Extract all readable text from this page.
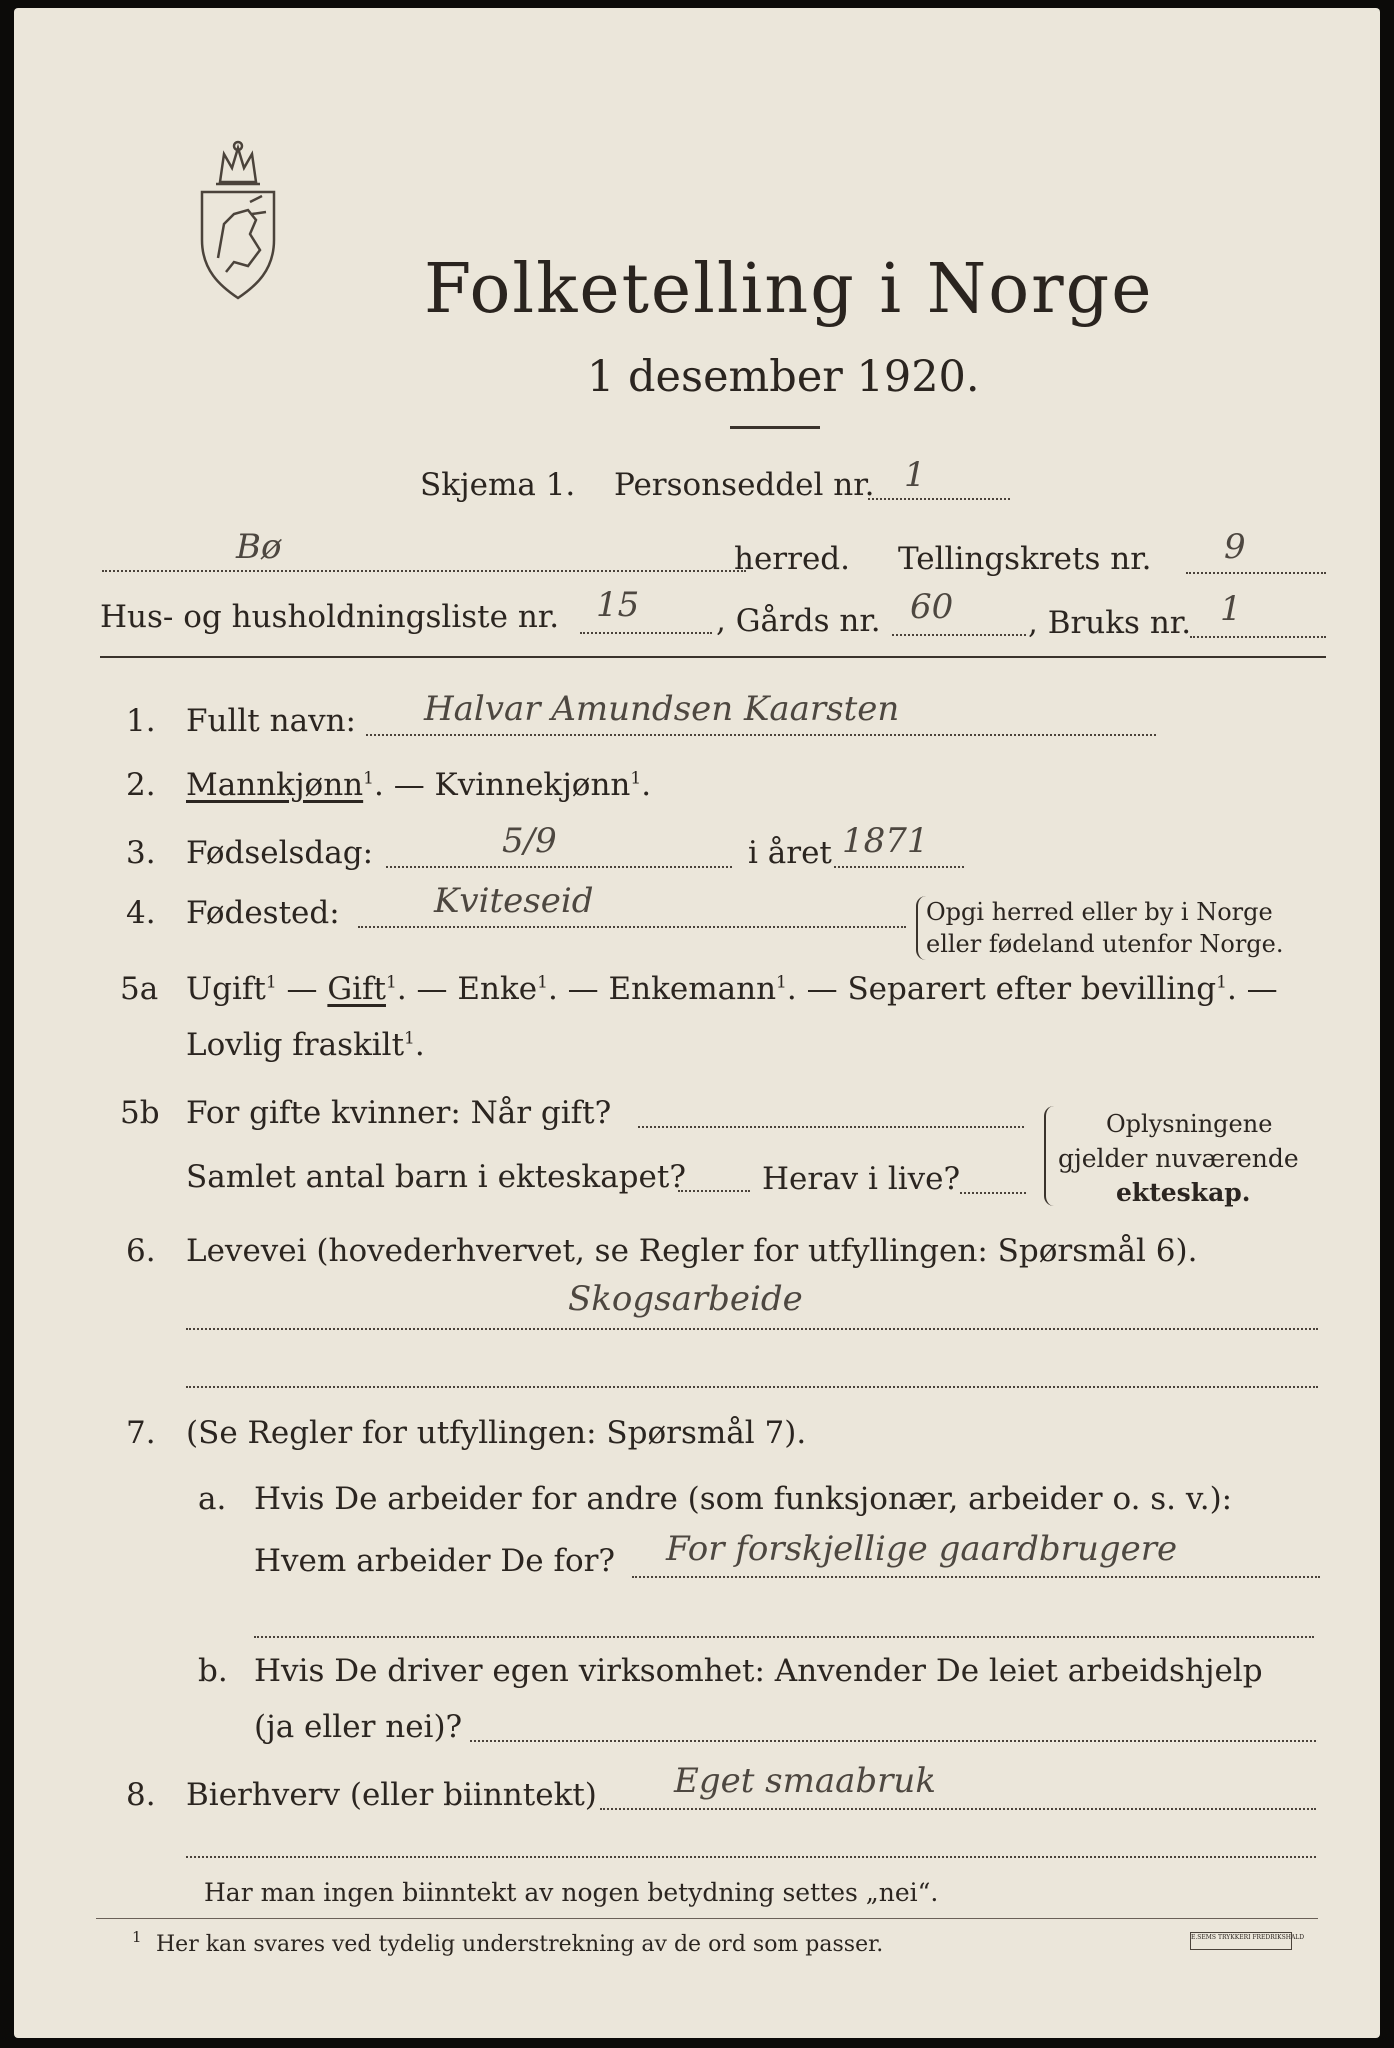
Folketelling i Norge
1 desember 1920.
Skjema 1. Personseddel nr. 1
Bø	herred. Tellingskrets nr. 9
Hus- og husholdningsliste nr. 15 , Gårds nr. 60 , Bruks nr. 1
1. Fullt navn: Halvar Amundsen Kaarsten
2. Mannkjønn$^1$. — Kvinnekjønn$^1$.
3. Fødselsdag:	5/9	i året 1871
4. Fødested:	Kviteseid	Opgi herred eller by i Norge
eller fødeland utenfor Norge.
5a Ugift$^1$ — Gift$^1$. — Enke$^1$. — Enkemann$^1$. — Separert efter bevilling$^1$. —
Lovlig fraskilt$^1$.
5b For gifte kvinner: Når gift?
Samlet antal barn i ekteskapet? Herav i live?
Oplysningene
gjelder nuværende
ekteskap.
6. Levevei (hovederhvervet, se Regler for utfyllingen: Spørsmål 6).
Skogsarbeide
7. (Se Regler for utfyllingen: Spørsmål 7).
a. Hvis De arbeider for andre (som funksjonær, arbeider o. s. v.):
Hvem arbeider De for? For forskjellige gaardbrugere
b. Hvis De driver egen virksomhet: Anvender De leiet arbeidshjelp
(ja eller nei)?
8. Bierhverv (eller biinntekt) Eget smaabruk
Har man ingen biinntekt av nogen betydning settes „nei“.
1 Her kan svares ved tydelig understrekning av de ord som passer.	E.SEMS TRYKKERI FREDRIKSHALD
